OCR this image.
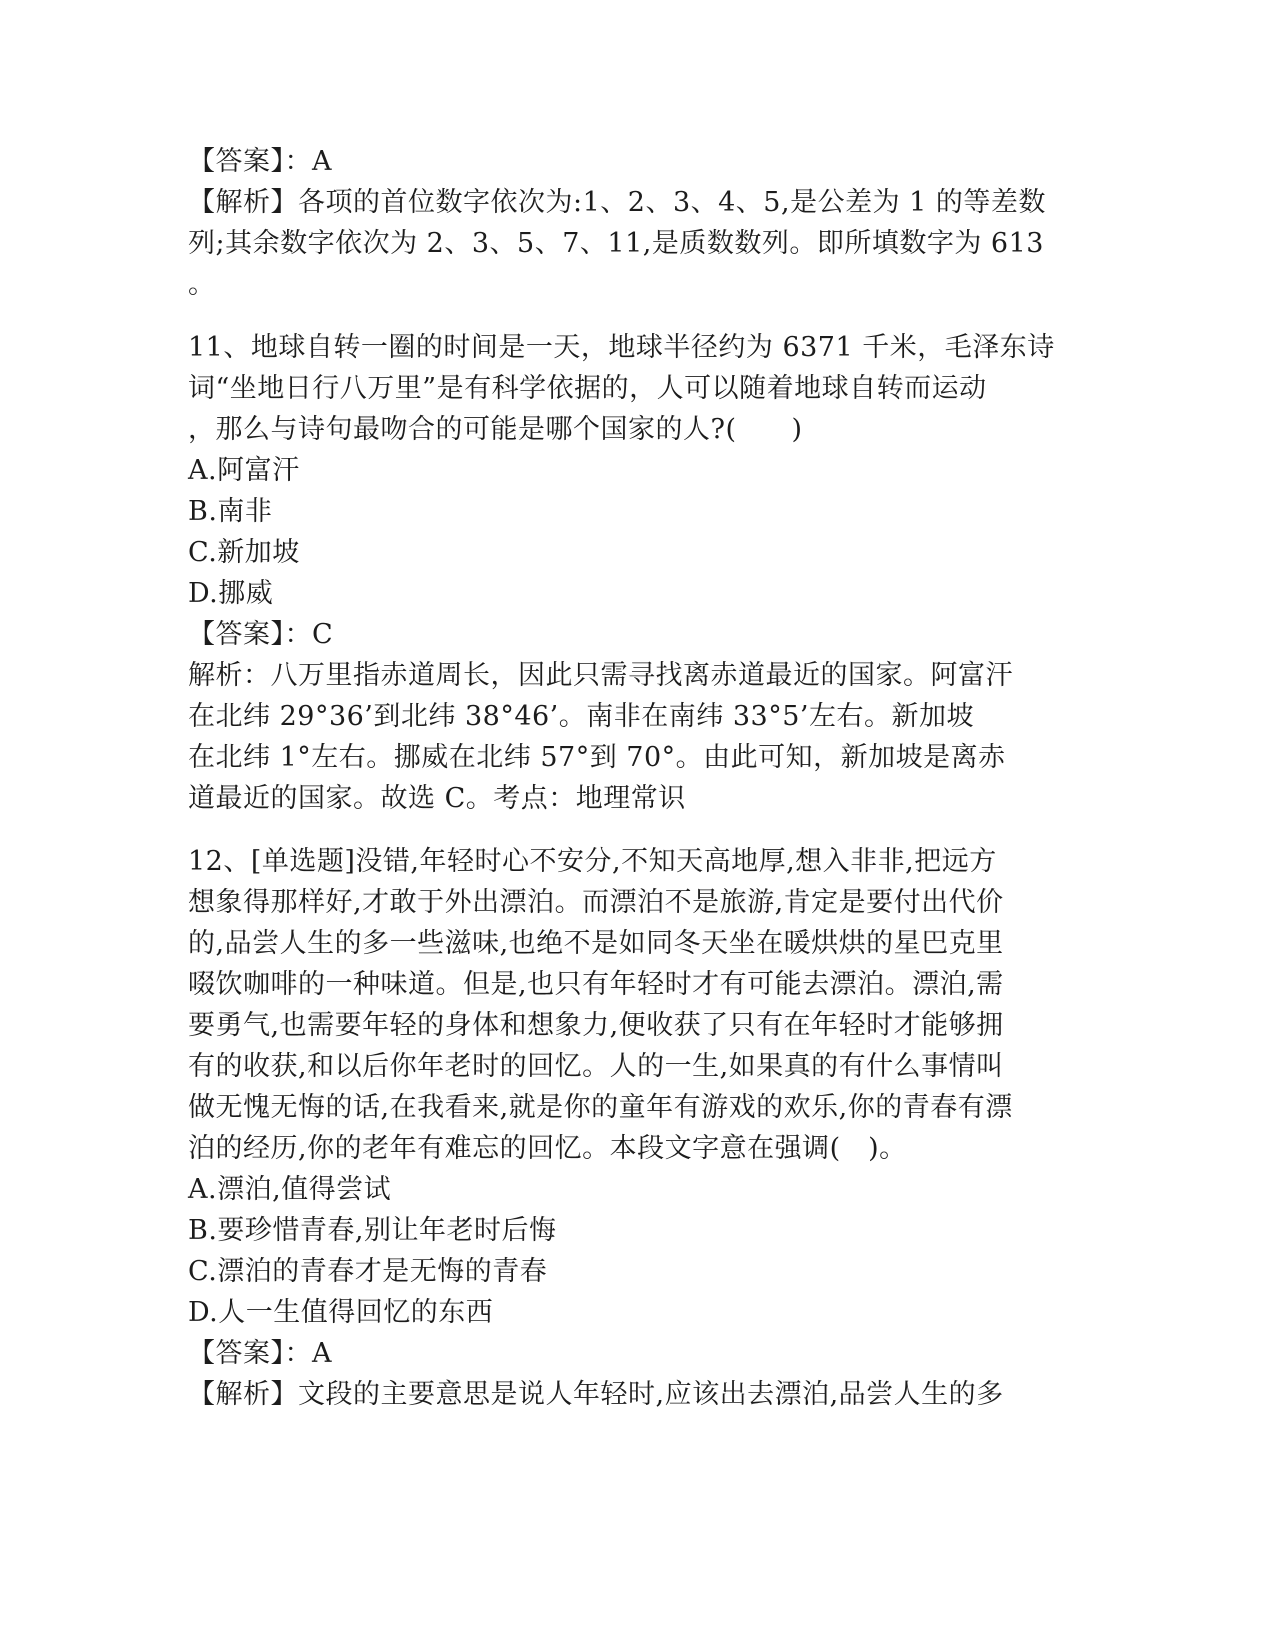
【答案】：A
【解析】各项的首位数字依次为:1、2、3、4、5,是公差为 1 的等差数
列;其余数字依次为 2、3、5、7、11,是质数数列。即所填数字为 613
。
11、地球自转一圈的时间是一天，地球半径约为 6371 千米，毛泽东诗
词“坐地日行八万里”是有科学依据的，人可以随着地球自转而运动
，那么与诗句最吻合的可能是哪个国家的人?(　　)
A.阿富汗
B.南非
C.新加坡
D.挪威
【答案】：C
解析：八万里指赤道周长，因此只需寻找离赤道最近的国家。阿富汗
在北纬 29°36’到北纬 38°46’。南非在南纬 33°5’左右。新加坡
在北纬 1°左右。挪威在北纬 57°到 70°。由此可知，新加坡是离赤
道最近的国家。故选 C。考点：地理常识
12、[单选题]没错,年轻时心不安分,不知天高地厚,想入非非,把远方
想象得那样好,才敢于外出漂泊。而漂泊不是旅游,肯定是要付出代价
的,品尝人生的多一些滋味,也绝不是如同冬天坐在暖烘烘的星巴克里
啜饮咖啡的一种味道。但是,也只有年轻时才有可能去漂泊。漂泊,需
要勇气,也需要年轻的身体和想象力,便收获了只有在年轻时才能够拥
有的收获,和以后你年老时的回忆。人的一生,如果真的有什么事情叫
做无愧无悔的话,在我看来,就是你的童年有游戏的欢乐,你的青春有漂
泊的经历,你的老年有难忘的回忆。本段文字意在强调(　)。
A.漂泊,值得尝试
B.要珍惜青春,别让年老时后悔
C.漂泊的青春才是无悔的青春
D.人一生值得回忆的东西
【答案】：A
【解析】文段的主要意思是说人年轻时,应该出去漂泊,品尝人生的多
